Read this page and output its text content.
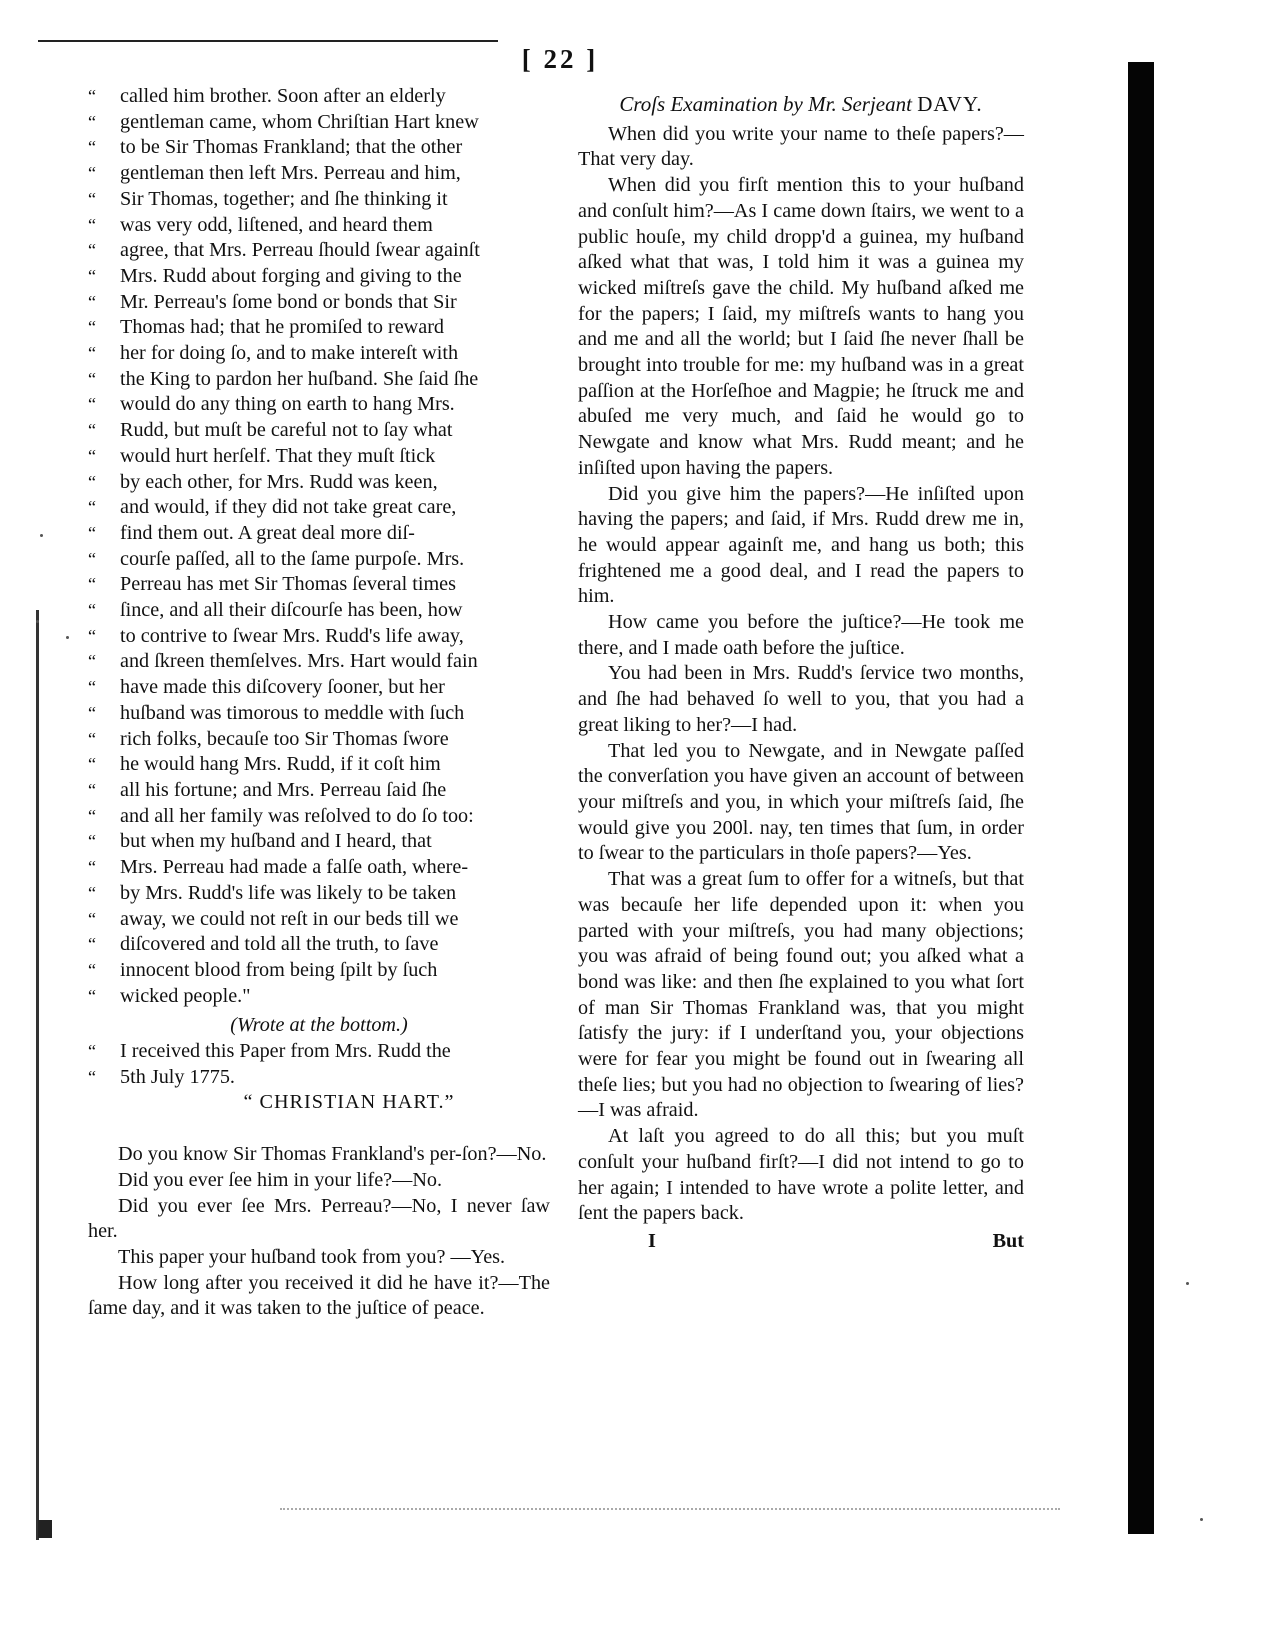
[ 22 ]
“ called him brother. Soon after an elderly
“ gentleman came, whom Chriſtian Hart knew
“ to be Sir Thomas Frankland; that the other
“ gentleman then left Mrs. Perreau and him,
“ Sir Thomas, together; and ſhe thinking it
“ was very odd, liſtened, and heard them
“ agree, that Mrs. Perreau ſhould ſwear againſt
“ Mrs. Rudd about forging and giving to the
“ Mr. Perreau's ſome bond or bonds that Sir
“ Thomas had; that he promiſed to reward
“ her for doing ſo, and to make intereſt with
“ the King to pardon her huſband. She ſaid ſhe
“ would do any thing on earth to hang Mrs.
“ Rudd, but muſt be careful not to ſay what
“ would hurt herſelf. That they muſt ſtick
“ by each other, for Mrs. Rudd was keen,
“ and would, if they did not take great care,
“ find them out. A great deal more diſ-
“ courſe paſſed, all to the ſame purpoſe. Mrs.
“ Perreau has met Sir Thomas ſeveral times
“ ſince, and all their diſcourſe has been, how
“ to contrive to ſwear Mrs. Rudd's life away,
“ and ſkreen themſelves. Mrs. Hart would fain
“ have made this diſcovery ſooner, but her
“ huſband was timorous to meddle with ſuch
“ rich folks, becauſe too Sir Thomas ſwore
“ he would hang Mrs. Rudd, if it coſt him
“ all his fortune; and Mrs. Perreau ſaid ſhe
“ and all her family was reſolved to do ſo too:
“ but when my huſband and I heard, that
“ Mrs. Perreau had made a falſe oath, where-
“ by Mrs. Rudd's life was likely to be taken
“ away, we could not reſt in our beds till we
“ diſcovered and told all the truth, to ſave
“ innocent blood from being ſpilt by ſuch
“ wicked people."
(Wrote at the bottom.)
“ I received this Paper from Mrs. Rudd the
“ 5th July 1775.
“ CHRISTIAN HART.”

Do you know Sir Thomas Frankland's per-ſon?—No.

Did you ever ſee him in your life?—No.

Did you ever ſee Mrs. Perreau?—No, I never ſaw her.

This paper your huſband took from you? —Yes.

How long after you received it did he have it?—The ſame day, and it was taken to the juſtice of peace.

Croſs Examination by Mr. Serjeant DAVY.

When did you write your name to theſe papers?—That very day.

When did you firſt mention this to your huſband and conſult him?—As I came down ſtairs, we went to a public houſe, my child dropp'd a guinea, my huſband aſked what that was, I told him it was a guinea my wicked miſtreſs gave the child. My huſband aſked me for the papers; I ſaid, my miſtreſs wants to hang you and me and all the world; but I ſaid ſhe never ſhall be brought into trouble for me: my huſband was in a great paſſion at the Horſeſhoe and Magpie; he ſtruck me and abuſed me very much, and ſaid he would go to Newgate and know what Mrs. Rudd meant; and he inſiſted upon having the papers.

Did you give him the papers?—He inſiſted upon having the papers; and ſaid, if Mrs. Rudd drew me in, he would appear againſt me, and hang us both; this frightened me a good deal, and I read the papers to him.

How came you before the juſtice?—He took me there, and I made oath before the juſtice.

You had been in Mrs. Rudd's ſervice two months, and ſhe had behaved ſo well to you, that you had a great liking to her?—I had.

That led you to Newgate, and in Newgate paſſed the converſation you have given an account of between your miſtreſs and you, in which your miſtreſs ſaid, ſhe would give you 200l. nay, ten times that ſum, in order to ſwear to the particulars in thoſe papers?—Yes.

That was a great ſum to offer for a witneſs, but that was becauſe her life depended upon it: when you parted with your miſtreſs, you had many objections; you was afraid of being found out; you aſked what a bond was like: and then ſhe explained to you what ſort of man Sir Thomas Frankland was, that you might ſatisfy the jury: if I underſtand you, your objections were for fear you might be found out in ſwearing all theſe lies; but you had no objection to ſwearing of lies?—I was afraid.

At laſt you agreed to do all this; but you muſt conſult your huſband firſt?—I did not intend to go to her again; I intended to have wrote a polite letter, and ſent the papers back.

I	But
